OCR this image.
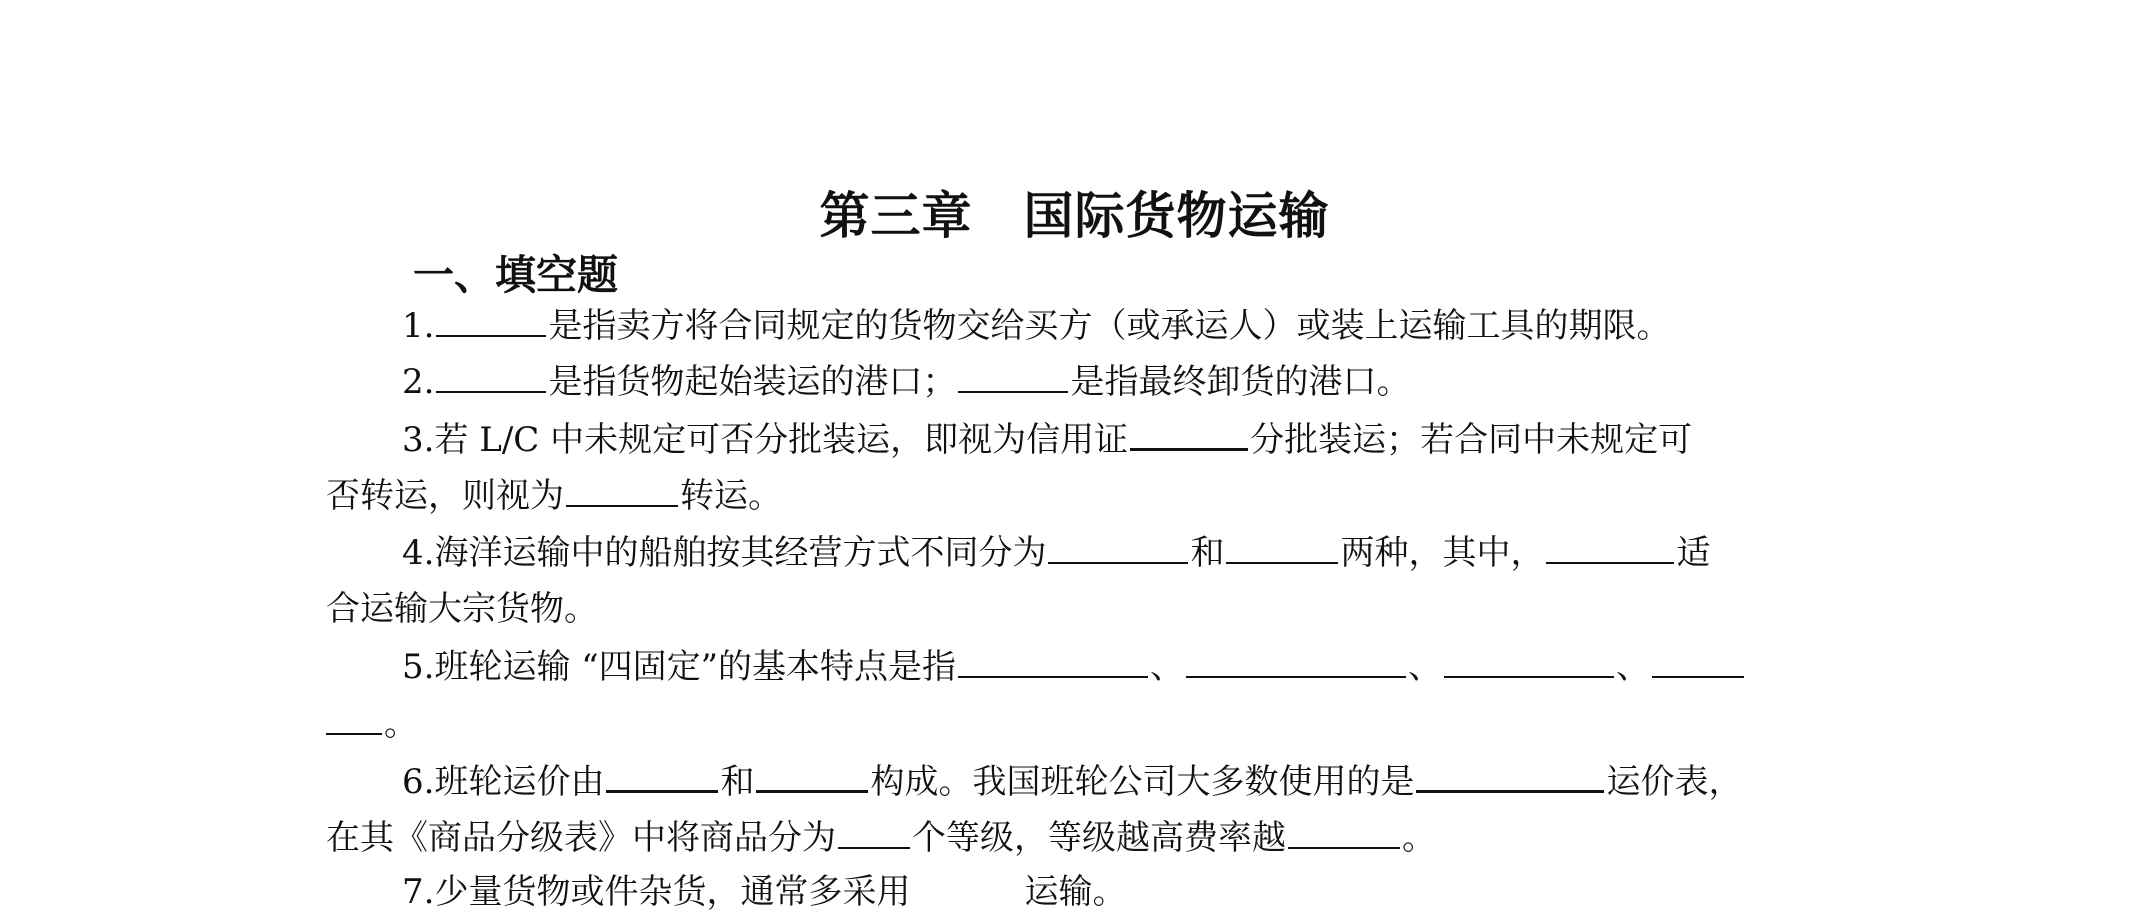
第三章　国际货物运输
一、填空题
1.	是指卖方将合同规定的货物交给买方（或承运人）或装上运输工具的期限。
2.	是指货物起始装运的港口；	是指最终卸货的港口。
3.若 L/C 中未规定可否分批装运，即视为信用证	分批装运；若合同中未规定可
否转运，则视为	转运。
4.海洋运输中的船舶按其经营方式不同分为	和	两种，其中，	适
合运输大宗货物。
5.班轮运输 “四固定”的基本特点是指	、	、	、
。
6.班轮运价由	和	构成。我国班轮公司大多数使用的是	运价表，
在其《商品分级表》中将商品分为 个等级，等级越高费率越	。
7.少量货物或件杂货，通常多采用	运输。
